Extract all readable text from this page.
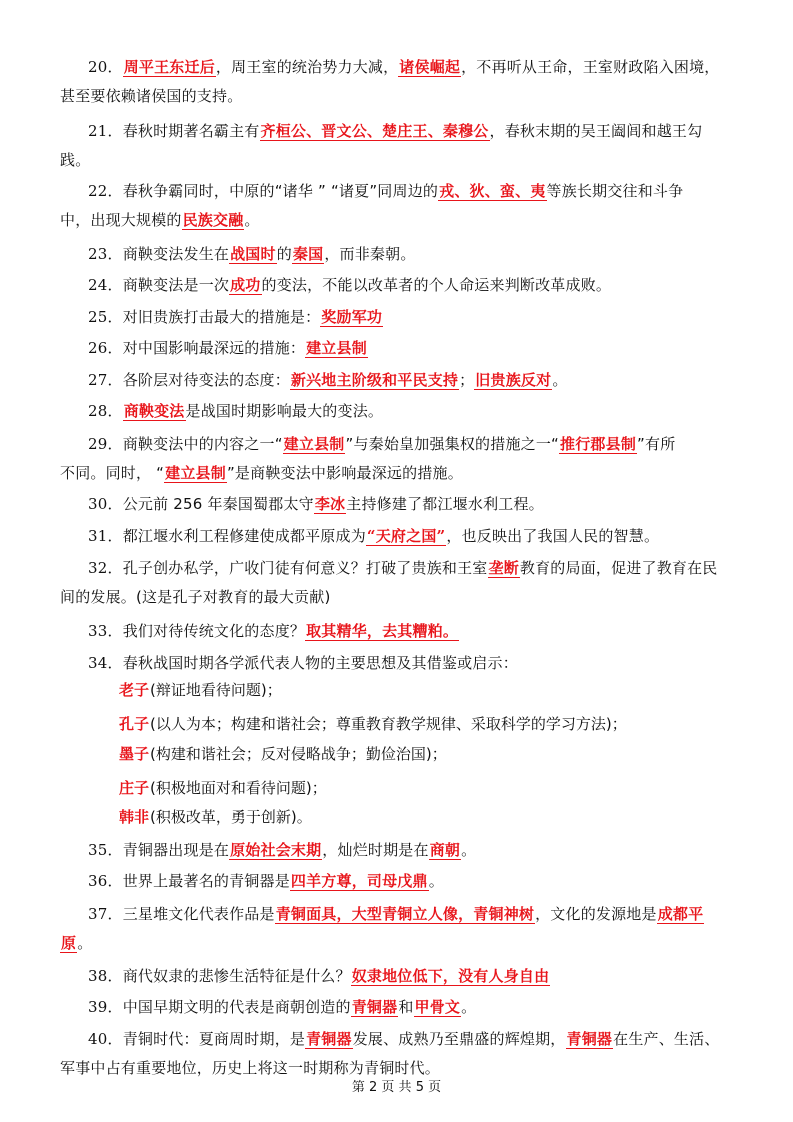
20．周平王东迁后，周王室的统治势力大减，诸侯崛起，不再听从王命，王室财政陷入困境，
甚至要依赖诸侯国的支持。
21．春秋时期著名霸主有齐桓公、晋文公、楚庄王、秦穆公，春秋末期的吴王阖闾和越王勾
践。
22．春秋争霸同时，中原的“诸华 ” “诸夏”同周边的戎、狄、蛮、夷等族长期交往和斗争
中，出现大规模的民族交融。
23．商鞅变法发生在战国时的秦国，而非秦朝。
24．商鞅变法是一次成功的变法，不能以改革者的个人命运来判断改革成败。
25．对旧贵族打击最大的措施是：奖励军功
26．对中国影响最深远的措施：建立县制
27．各阶层对待变法的态度：新兴地主阶级和平民支持；旧贵族反对。
28．商鞅变法是战国时期影响最大的变法。
29．商鞅变法中的内容之一“建立县制”与秦始皇加强集权的措施之一“推行郡县制”有所
不同。同时， “建立县制”是商鞅变法中影响最深远的措施。
30．公元前 256 年秦国蜀郡太守李冰主持修建了都江堰水利工程。
31．都江堰水利工程修建使成都平原成为“天府之国”，也反映出了我国人民的智慧。
32．孔子创办私学，广收门徒有何意义？打破了贵族和王室垄断教育的局面，促进了教育在民
间的发展。(这是孔子对教育的最大贡献)
33．我们对待传统文化的态度？取其精华，去其糟粕。
34．春秋战国时期各学派代表人物的主要思想及其借鉴或启示：
35．青铜器出现是在原始社会末期，灿烂时期是在商朝。
36．世界上最著名的青铜器是四羊方尊，司母戊鼎。
37．三星堆文化代表作品是青铜面具，大型青铜立人像，青铜神树，文化的发源地是成都平
原。
38．商代奴隶的悲惨生活特征是什么？奴隶地位低下，没有人身自由
39．中国早期文明的代表是商朝创造的青铜器和甲骨文。
40．青铜时代：夏商周时期，是青铜器发展、成熟乃至鼎盛的辉煌期，青铜器在生产、生活、
军事中占有重要地位，历史上将这一时期称为青铜时代。
老子(辩证地看待问题)；
孔子(以人为本；构建和谐社会；尊重教育教学规律、采取科学的学习方法)；
墨子(构建和谐社会；反对侵略战争；勤俭治国)；
庄子(积极地面对和看待问题)；
韩非(积极改革，勇于创新)。
第 2 页 共 5 页
